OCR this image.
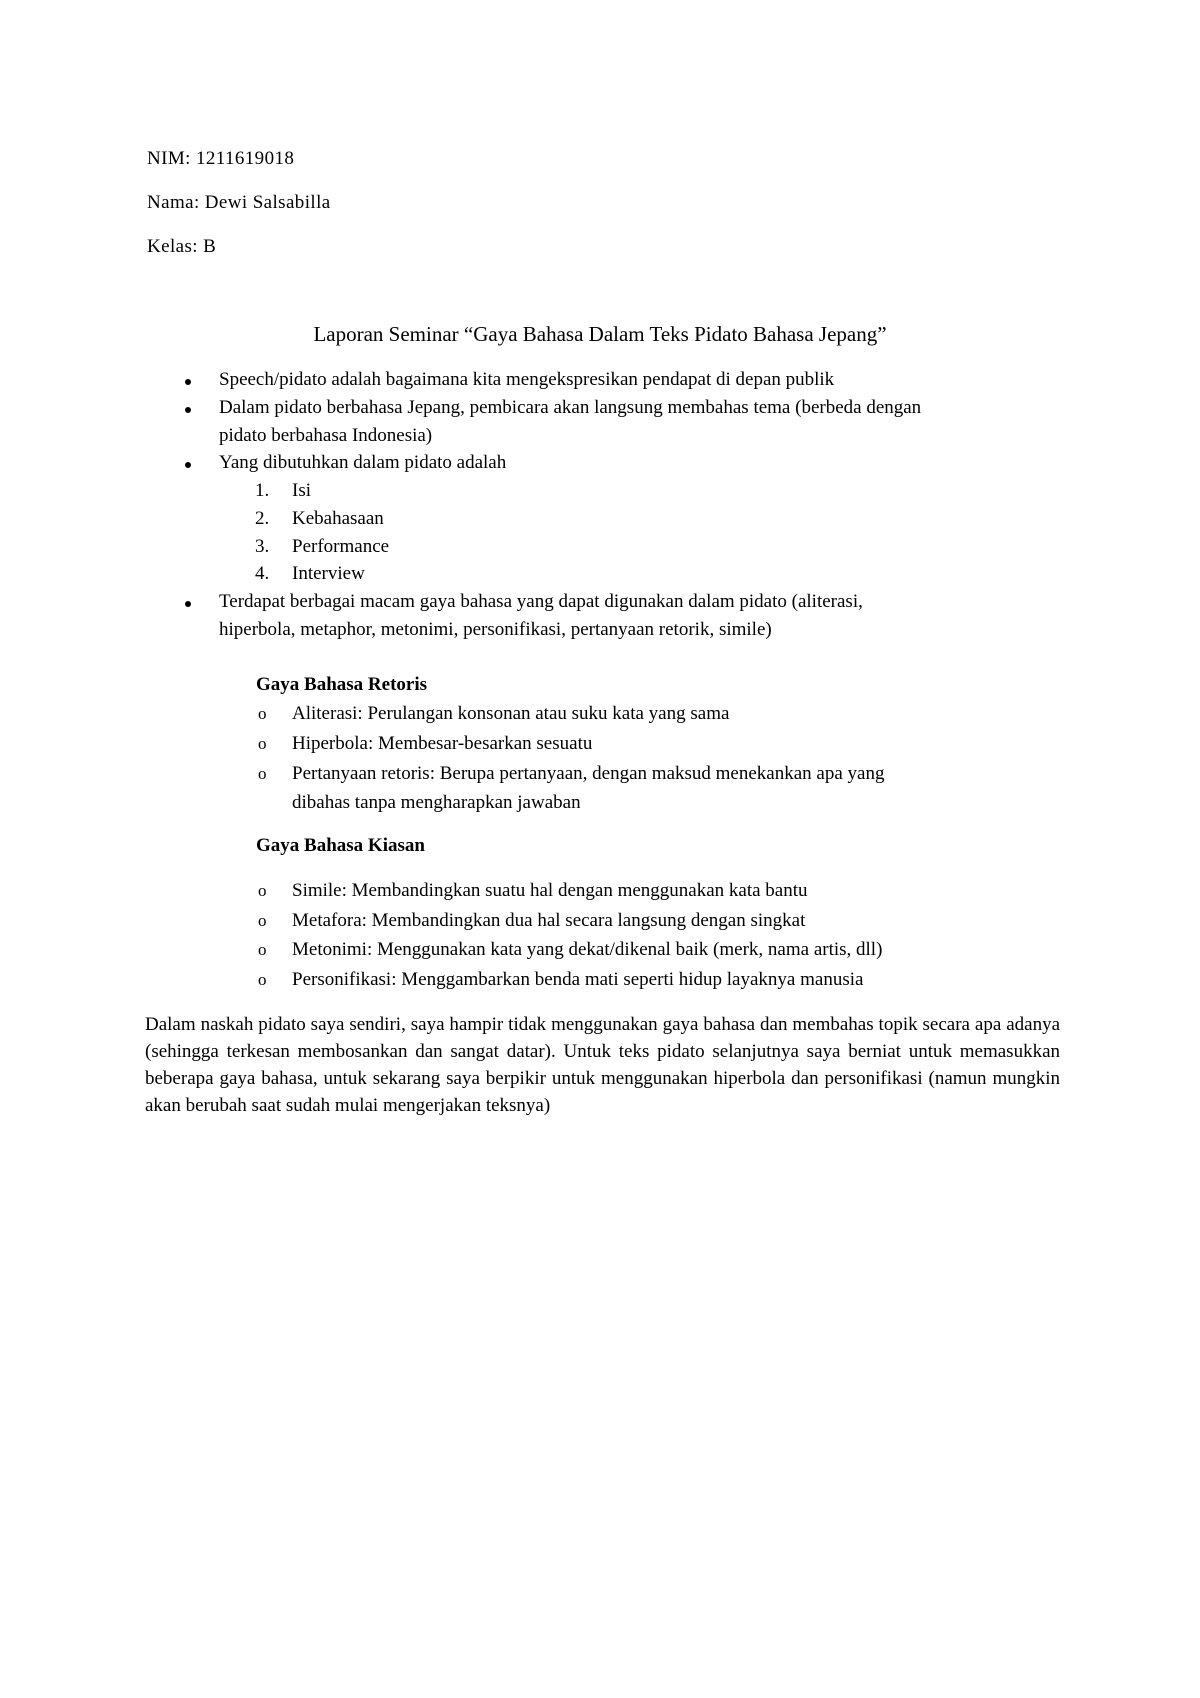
NIM: 1211619018
Nama: Dewi Salsabilla
Kelas: B
Laporan Seminar “Gaya Bahasa Dalam Teks Pidato Bahasa Jepang”
Speech/pidato adalah bagaimana kita mengekspresikan pendapat di depan publik
Dalam pidato berbahasa Jepang, pembicara akan langsung membahas tema (berbeda dengan
pidato berbahasa Indonesia)
Yang dibutuhkan dalam pidato adalah
1. Isi
2. Kebahasaan
3. Performance
4. Interview
Terdapat berbagai macam gaya bahasa yang dapat digunakan dalam pidato (aliterasi,
hiperbola, metaphor, metonimi, personifikasi, pertanyaan retorik, simile)
Gaya Bahasa Retoris
o Aliterasi: Perulangan konsonan atau suku kata yang sama
o Hiperbola: Membesar-besarkan sesuatu
o Pertanyaan retoris: Berupa pertanyaan, dengan maksud menekankan apa yang
dibahas tanpa mengharapkan jawaban
Gaya Bahasa Kiasan
o Simile: Membandingkan suatu hal dengan menggunakan kata bantu
o Metafora: Membandingkan dua hal secara langsung dengan singkat
o Metonimi: Menggunakan kata yang dekat/dikenal baik (merk, nama artis, dll)
o Personifikasi: Menggambarkan benda mati seperti hidup layaknya manusia

Dalam naskah pidato saya sendiri, saya hampir tidak menggunakan gaya bahasa dan membahas topik secara apa adanya (sehingga terkesan membosankan dan sangat datar). Untuk teks pidato selanjutnya saya berniat untuk memasukkan beberapa gaya bahasa, untuk sekarang saya berpikir untuk menggunakan hiperbola dan personifikasi (namun mungkin akan berubah saat sudah mulai mengerjakan teksnya)
